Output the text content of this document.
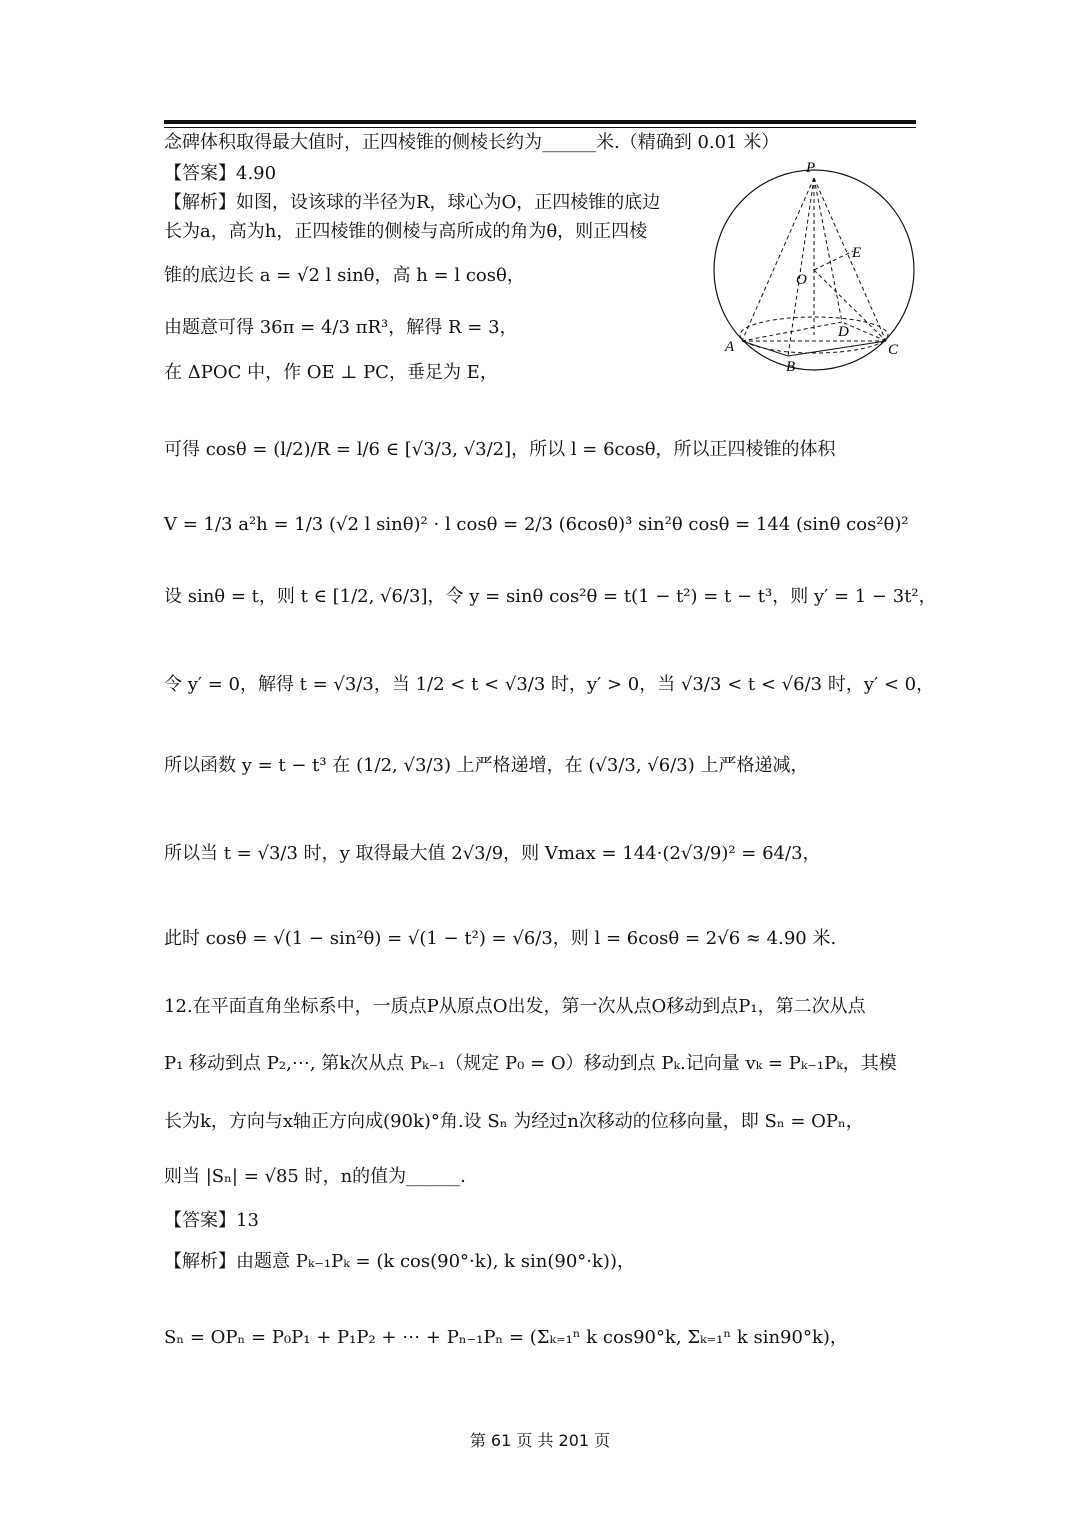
念碑体积取得最大值时，正四棱锥的侧棱长约为______米.（精确到 0.01 米）
【答案】4.90
【解析】如图，设该球的半径为R，球心为O，正四棱锥的底边
长为a，高为h，正四棱锥的侧棱与高所成的角为θ，则正四棱
锥的底边长 a = √2 l sinθ，高 h = l cosθ，
由题意可得 36π = 4/3 πR³，解得 R = 3，
在 ΔPOC 中，作 OE ⊥ PC，垂足为 E，
可得 cosθ = (l/2)/R = l/6 ∈ [√3/3, √3/2]，所以 l = 6cosθ，所以正四棱锥的体积
V = 1/3 a²h = 1/3 (√2 l sinθ)² · l cosθ = 2/3 (6cosθ)³ sin²θ cosθ = 144 (sinθ cos²θ)²
设 sinθ = t，则 t ∈ [1/2, √6/3]，令 y = sinθ cos²θ = t(1 − t²) = t − t³，则 y′ = 1 − 3t²，
令 y′ = 0，解得 t = √3/3，当 1/2 < t < √3/3 时，y′ > 0，当 √3/3 < t < √6/3 时，y′ < 0，
所以函数 y = t − t³ 在 (1/2, √3/3) 上严格递增，在 (√3/3, √6/3) 上严格递减，
所以当 t = √3/3 时，y 取得最大值 2√3/9，则 Vmax = 144·(2√3/9)² = 64/3，
此时 cosθ = √(1 − sin²θ) = √(1 − t²) = √6/3，则 l = 6cosθ = 2√6 ≈ 4.90 米.
12.在平面直角坐标系中，一质点P从原点O出发，第一次从点O移动到点P₁，第二次从点
P₁ 移动到点 P₂,⋯, 第k次从点 Pₖ₋₁（规定 P₀ = O）移动到点 Pₖ.记向量 vₖ = Pₖ₋₁Pₖ，其模
长为k，方向与x轴正方向成(90k)°角.设 Sₙ 为经过n次移动的位移向量，即 Sₙ = OPₙ，
则当 |Sₙ| = √85 时，n的值为______.
【答案】13
【解析】由题意 Pₖ₋₁Pₖ = (k cos(90°·k), k sin(90°·k))，
Sₙ = OPₙ = P₀P₁ + P₁P₂ + ⋯ + Pₙ₋₁Pₙ = (Σₖ₌₁ⁿ k cos90°k, Σₖ₌₁ⁿ k sin90°k)，
P
E
O
D
A
B
C
第 61 页 共 201 页
